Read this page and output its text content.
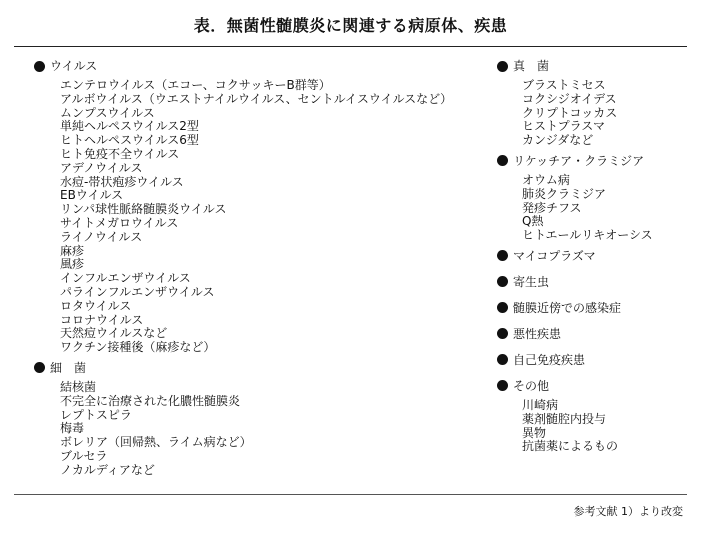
表．無菌性髄膜炎に関連する病原体、疾患
ウイルス
エンテロウイルス（エコー、コクサッキーB群等）
アルボウイルス（ウエストナイルウイルス、セントルイスウイルスなど）
ムンプスウイルス
単純ヘルペスウイルス2型
ヒトヘルペスウイルス6型
ヒト免疫不全ウイルス
アデノウイルス
水痘-帯状疱疹ウイルス
EBウイルス
リンパ球性脈絡髄膜炎ウイルス
サイトメガロウイルス
ライノウイルス
麻疹
風疹
インフルエンザウイルス
パラインフルエンザウイルス
ロタウイルス
コロナウイルス
天然痘ウイルスなど
ワクチン接種後（麻疹など）
細　菌
結核菌
不完全に治療された化膿性髄膜炎
レプトスピラ
梅毒
ボレリア（回帰熱、ライム病など）
ブルセラ
ノカルディアなど
真　菌
ブラストミセス
コクシジオイデス
クリプトコッカス
ヒストプラスマ
カンジダなど
リケッチア・クラミジア
オウム病
肺炎クラミジア
発疹チフス
Q熱
ヒトエールリキオーシス
マイコプラズマ
寄生虫
髄膜近傍での感染症
悪性疾患
自己免疫疾患
その他
川崎病
薬剤髄腔内投与
異物
抗菌薬によるもの
参考文献 1）より改変
